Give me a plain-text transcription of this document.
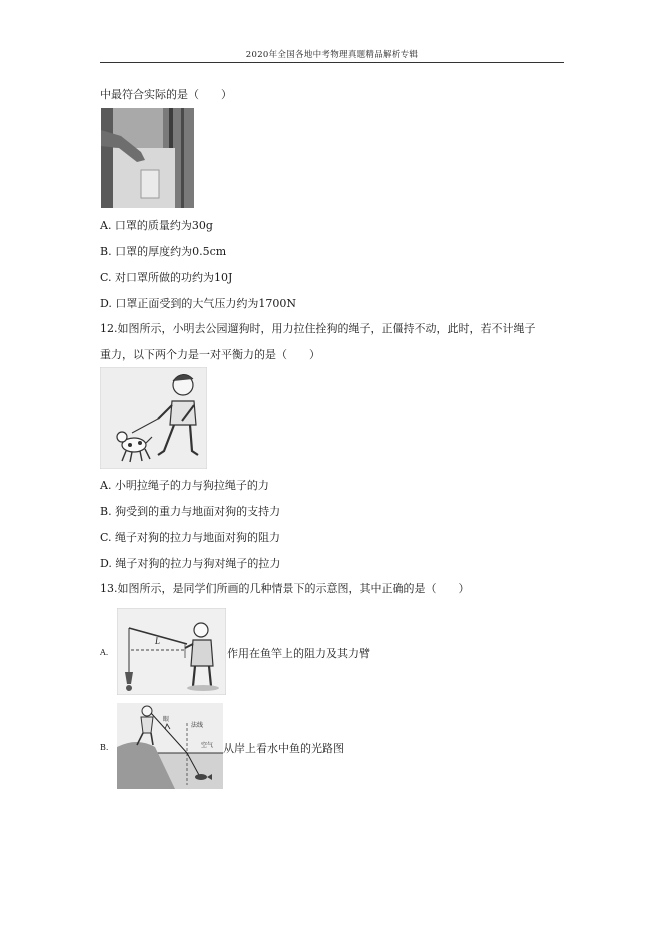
2020年全国各地中考物理真题精品解析专辑
中最符合实际的是（　　）
A. 口罩的质量约为30g
B. 口罩的厚度约为0.5cm
C. 对口罩所做的功约为10J
D. 口罩正面受到的大气压力约为1700N
12.如图所示，小明去公园遛狗时，用力拉住拴狗的绳子，正僵持不动，此时，若不计绳子
重力，以下两个力是一对平衡力的是（　　）
A. 小明拉绳子的力与狗拉绳子的力
B. 狗受到的重力与地面对狗的支持力
C. 绳子对狗的拉力与地面对狗的阻力
D. 绳子对狗的拉力与狗对绳子的拉力
13.如图所示，是同学们所画的几种情景下的示意图，其中正确的是（　　）
A.
L
作用在鱼竿上的阻力及其力臂
B.
眼
法线
空气 从岸上看水中鱼的光路图
